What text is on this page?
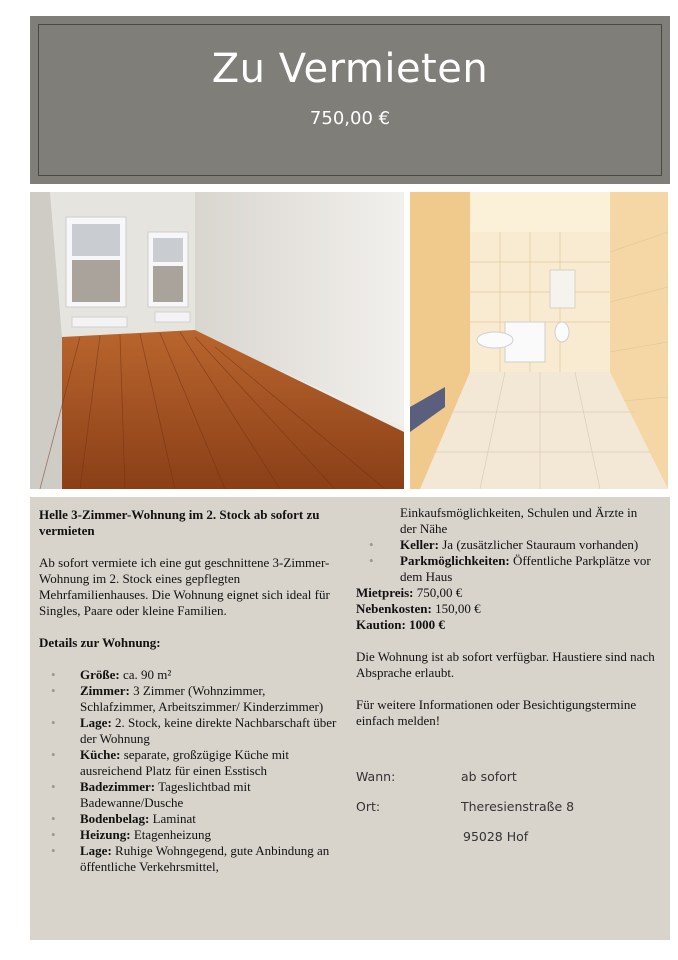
Zu Vermieten
750,00 €

Helle 3-Zimmer-Wohnung im 2. Stock ab sofort zu vermieten

Ab sofort vermiete ich eine gut geschnittene 3-Zimmer-Wohnung im 2. Stock eines gepflegten Mehrfamilienhauses. Die Wohnung eignet sich ideal für Singles, Paare oder kleine Familien.

Details zur Wohnung:

• Größe: ca. 90 m²
• Zimmer: 3 Zimmer (Wohnzimmer, Schlafzimmer, Arbeitszimmer/ Kinderzimmer)
• Lage: 2. Stock, keine direkte Nachbarschaft über der Wohnung
• Küche: separate, großzügige Küche mit ausreichend Platz für einen Esstisch
• Badezimmer: Tageslichtbad mit Badewanne/Dusche
• Bodenbelag: Laminat
• Heizung: Etagenheizung
• Lage: Ruhige Wohngegend, gute Anbindung an öffentliche Verkehrsmittel,

Einkaufsmöglichkeiten, Schulen und Ärzte in der Nähe

• Keller: Ja (zusätzlicher Stauraum vorhanden)
• Parkmöglichkeiten: Öffentliche Parkplätze vor dem Haus

Mietpreis: 750,00 €

Nebenkosten: 150,00 €

Kaution: 1000 €

Die Wohnung ist ab sofort verfügbar. Haustiere sind nach Absprache erlaubt.

Für weitere Informationen oder Besichtigungstermine einfach melden!

Wann:	ab sofort
Ort:	Theresienstraße 8
95028 Hof
